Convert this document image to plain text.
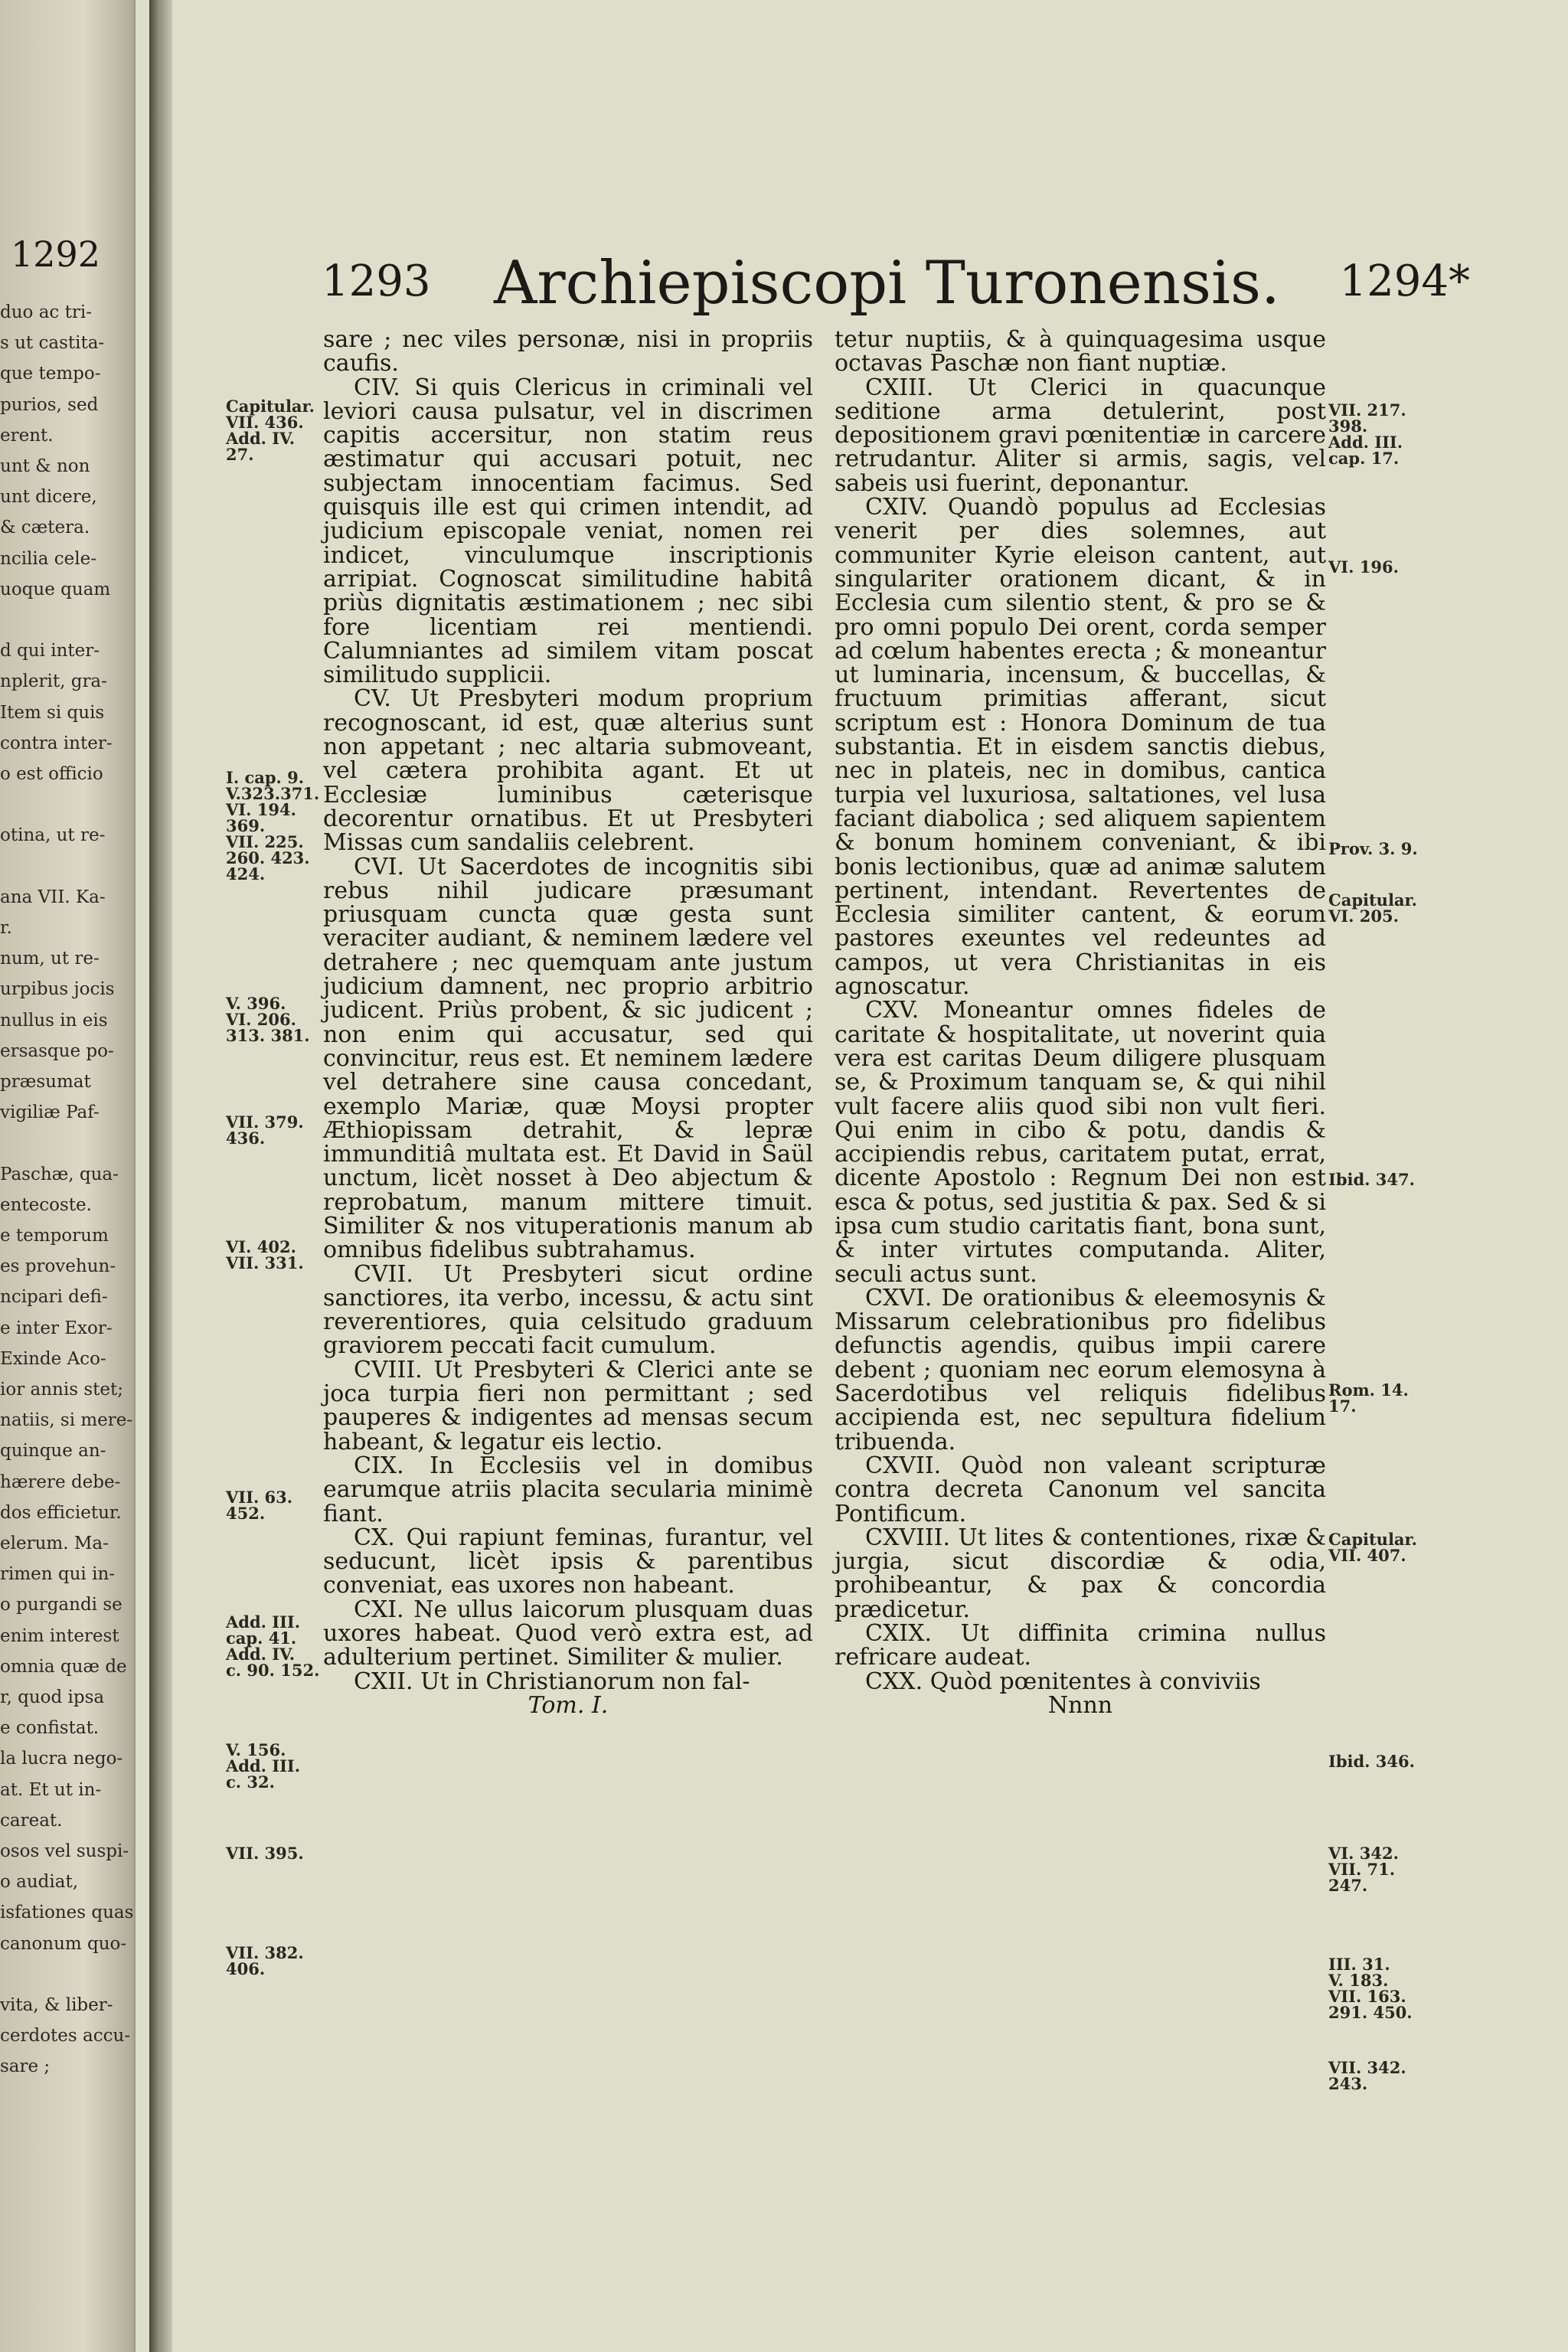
1292
duo ac tri-
s ut castita-
que tempo-
purios, sed
erent.
unt & non
unt dicere,
& cætera.
ncilia cele-
uoque quam
d qui inter-
nplerit, gra-
Item si quis
contra inter-
o est officio
otina, ut re-
ana VII. Ka-
r.
num, ut re-
urpibus jocis
nullus in eis
ersasque po-
præsumat
vigiliæ Paf-
Paschæ, qua-
entecoste.
e temporum
es provehun-
ncipari defi-
e inter Exor-
Exinde Aco-
ior annis stet;
natiis, si mere-
quinque an-
hærere debe-
dos efficietur.
elerum. Ma-
rimen qui in-
o purgandi se
enim interest
omnia quæ de
r, quod ipsa
e confistat.
la lucra nego-
at. Et ut in-
careat.
osos vel suspi-
o audiat,
isfationes quas
canonum quo-
vita, & liber-
cerdotes accu-
sare ;
1293 Archiepiscopi Turonensis. 1294*

sare ; nec viles personæ, nisi in propriis caufis.

CIV. Si quis Clericus in criminali vel leviori causa pulsatur, vel in discrimen capitis accersitur, non statim reus æstimatur qui accusari potuit, nec subjectam innocentiam facimus. Sed quisquis ille est qui crimen intendit, ad judicium episcopale veniat, nomen rei indicet, vinculumque inscriptionis arripiat. Cognoscat similitudine habitâ priùs dignitatis æstimationem ; nec sibi fore licentiam rei mentiendi. Calumniantes ad similem vitam poscat similitudo supplicii.

CV. Ut Presbyteri modum proprium recognoscant, id est, quæ alterius sunt non appetant ; nec altaria submoveant, vel cætera prohibita agant. Et ut Ecclesiæ luminibus cæterisque decorentur ornatibus. Et ut Presbyteri Missas cum sandaliis celebrent.

CVI. Ut Sacerdotes de incognitis sibi rebus nihil judicare præsumant priusquam cuncta quæ gesta sunt veraciter audiant, & neminem lædere vel detrahere ; nec quemquam ante justum judicium damnent, nec proprio arbitrio judicent. Priùs probent, & sic judicent ; non enim qui accusatur, sed qui convincitur, reus est. Et neminem lædere vel detrahere sine causa concedant, exemplo Mariæ, quæ Moysi propter Æthiopissam detrahit, & lepræ immunditiâ multata est. Et David in Saül unctum, licèt nosset à Deo abjectum & reprobatum, manum mittere timuit. Similiter & nos vituperationis manum ab omnibus fidelibus subtrahamus.

CVII. Ut Presbyteri sicut ordine sanctiores, ita verbo, incessu, & actu sint reverentiores, quia celsitudo graduum graviorem peccati facit cumulum.

CVIII. Ut Presbyteri & Clerici ante se joca turpia fieri non permittant ; sed pauperes & indigentes ad mensas secum habeant, & legatur eis lectio.

CIX. In Ecclesiis vel in domibus earumque atriis placita secularia minimè fiant.

CX. Qui rapiunt feminas, furantur, vel seducunt, licèt ipsis & parentibus conveniat, eas uxores non habeant.

CXI. Ne ullus laicorum plusquam duas uxores habeat. Quod verò extra est, ad adulterium pertinet. Similiter & mulier.

CXII. Ut in Christianorum non fal-

Tom. I.

tetur nuptiis, & à quinquagesima usque octavas Paschæ non fiant nuptiæ.

CXIII. Ut Clerici in quacunque seditione arma detulerint, post depositionem gravi pœnitentiæ in carcere retrudantur. Aliter si armis, sagis, vel sabeis usi fuerint, deponantur.

CXIV. Quandò populus ad Ecclesias venerit per dies solemnes, aut communiter Kyrie eleison cantent, aut singulariter orationem dicant, & in Ecclesia cum silentio stent, & pro se & pro omni populo Dei orent, corda semper ad cœlum habentes erecta ; & moneantur ut luminaria, incensum, & buccellas, & fructuum primitias afferant, sicut scriptum est : Honora Dominum de tua substantia. Et in eisdem sanctis diebus, nec in plateis, nec in domibus, cantica turpia vel luxuriosa, saltationes, vel lusa faciant diabolica ; sed aliquem sapientem & bonum hominem conveniant, & ibi bonis lectionibus, quæ ad animæ salutem pertinent, intendant. Revertentes de Ecclesia similiter cantent, & eorum pastores exeuntes vel redeuntes ad campos, ut vera Christianitas in eis agnoscatur.

CXV. Moneantur omnes fideles de caritate & hospitalitate, ut noverint quia vera est caritas Deum diligere plusquam se, & Proximum tanquam se, & qui nihil vult facere aliis quod sibi non vult fieri. Qui enim in cibo & potu, dandis & accipiendis rebus, caritatem putat, errat, dicente Apostolo : Regnum Dei non est esca & potus, sed justitia & pax. Sed & si ipsa cum studio caritatis fiant, bona sunt, & inter virtutes computanda. Aliter, seculi actus sunt.

CXVI. De orationibus & eleemosynis & Missarum celebrationibus pro fidelibus defunctis agendis, quibus impii carere debent ; quoniam nec eorum elemosyna à Sacerdotibus vel reliquis fidelibus accipienda est, nec sepultura fidelium tribuenda.

CXVII. Quòd non valeant scripturæ contra decreta Canonum vel sancita Pontificum.

CXVIII. Ut lites & contentiones, rixæ & jurgia, sicut discordiæ & odia, prohibeantur, & pax & concordia prædicetur.

CXIX. Ut diffinita crimina nullus refricare audeat.

CXX. Quòd pœnitentes à conviviis

Nnnn

Capitular.
VII. 436.
Add. IV.
27.
I. cap. 9.
V.323.371.
VI. 194.
369.
VII. 225.
260. 423.
424.
V. 396.
VI. 206.
313. 381.
VII. 379.
436.
VI. 402.
VII. 331.
VII. 63.
452.
Add. III.
cap. 41.
Add. IV.
c. 90. 152.
V. 156.
Add. III.
c. 32.
VII. 395.
VII. 382.
406.
VII. 217.
398.
Add. III.
cap. 17.
VI. 196.
Prov. 3. 9.
Capitular.
VI. 205.
Ibid. 347.
Rom. 14.
17.
Capitular.
VII. 407.
Ibid. 346.
VI. 342.
VII. 71.
247.
III. 31.
V. 183.
VII. 163.
291. 450.
VII. 342.
243.
